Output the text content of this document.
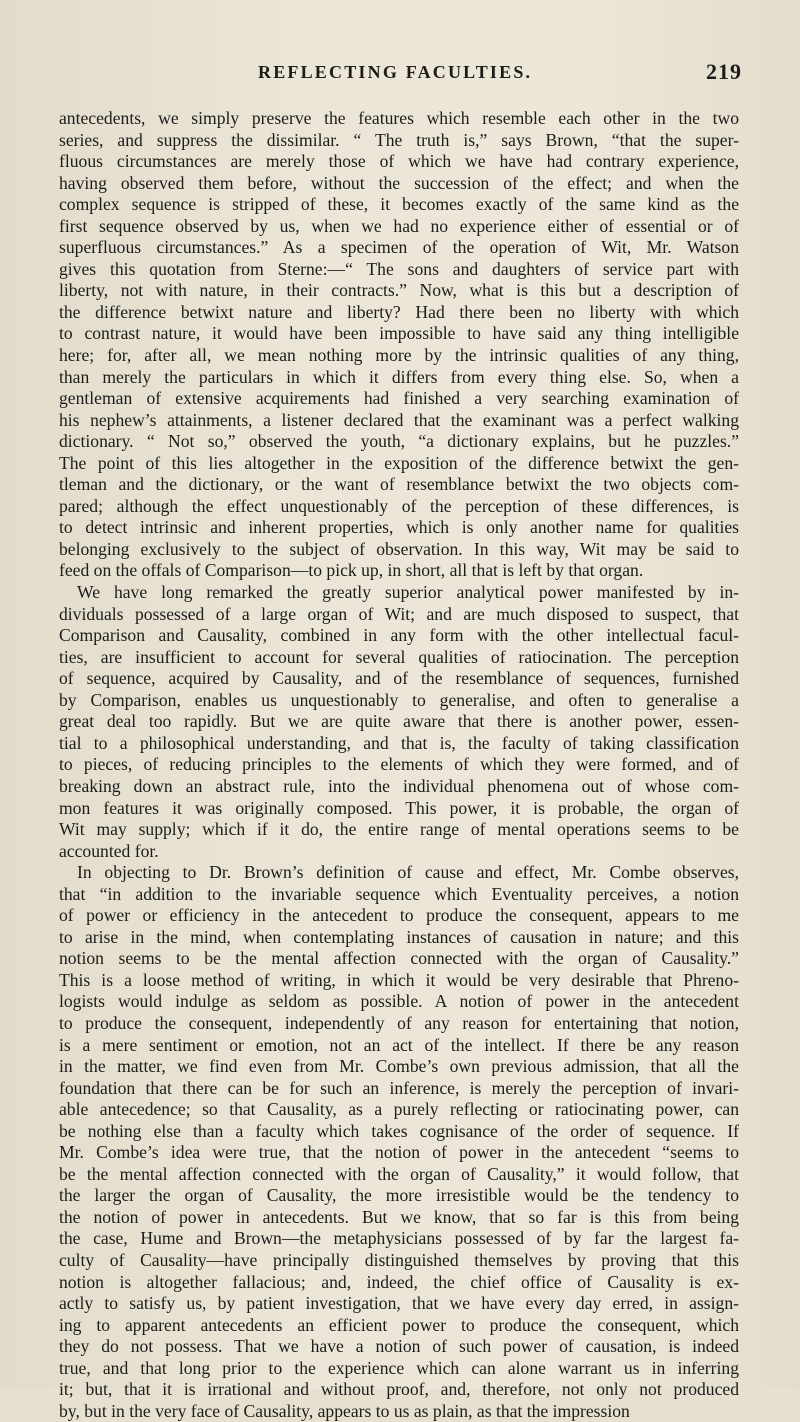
REFLECTING FACULTIES.	219
antecedents, we simply preserve the features which resemble each other in the two
series, and suppress the dissimilar. “ The truth is,” says Brown, “that the super-
fluous circumstances are merely those of which we have had contrary experience,
having observed them before, without the succession of the effect; and when the
complex sequence is stripped of these, it becomes exactly of the same kind as the
first sequence observed by us, when we had no experience either of essential or of
superfluous circumstances.” As a specimen of the operation of Wit, Mr. Watson
gives this quotation from Sterne:—“ The sons and daughters of service part with
liberty, not with nature, in their contracts.” Now, what is this but a description of
the difference betwixt nature and liberty? Had there been no liberty with which
to contrast nature, it would have been impossible to have said any thing intelligible
here; for, after all, we mean nothing more by the intrinsic qualities of any thing,
than merely the particulars in which it differs from every thing else. So, when a
gentleman of extensive acquirements had finished a very searching examination of
his nephew’s attainments, a listener declared that the examinant was a perfect walking
dictionary. “ Not so,” observed the youth, “a dictionary explains, but he puzzles.”
The point of this lies altogether in the exposition of the difference betwixt the gen-
tleman and the dictionary, or the want of resemblance betwixt the two objects com-
pared; although the effect unquestionably of the perception of these differences, is
to detect intrinsic and inherent properties, which is only another name for qualities
belonging exclusively to the subject of observation. In this way, Wit may be said to
feed on the offals of Comparison—to pick up, in short, all that is left by that organ.
We have long remarked the greatly superior analytical power manifested by in-
dividuals possessed of a large organ of Wit; and are much disposed to suspect, that
Comparison and Causality, combined in any form with the other intellectual facul-
ties, are insufficient to account for several qualities of ratiocination. The perception
of sequence, acquired by Causality, and of the resemblance of sequences, furnished
by Comparison, enables us unquestionably to generalise, and often to generalise a
great deal too rapidly. But we are quite aware that there is another power, essen-
tial to a philosophical understanding, and that is, the faculty of taking classification
to pieces, of reducing principles to the elements of which they were formed, and of
breaking down an abstract rule, into the individual phenomena out of whose com-
mon features it was originally composed. This power, it is probable, the organ of
Wit may supply; which if it do, the entire range of mental operations seems to be
accounted for.
In objecting to Dr. Brown’s definition of cause and effect, Mr. Combe observes,
that “in addition to the invariable sequence which Eventuality perceives, a notion
of power or efficiency in the antecedent to produce the consequent, appears to me
to arise in the mind, when contemplating instances of causation in nature; and this
notion seems to be the mental affection connected with the organ of Causality.”
This is a loose method of writing, in which it would be very desirable that Phreno-
logists would indulge as seldom as possible. A notion of power in the antecedent
to produce the consequent, independently of any reason for entertaining that notion,
is a mere sentiment or emotion, not an act of the intellect. If there be any reason
in the matter, we find even from Mr. Combe’s own previous admission, that all the
foundation that there can be for such an inference, is merely the perception of invari-
able antecedence; so that Causality, as a purely reflecting or ratiocinating power, can
be nothing else than a faculty which takes cognisance of the order of sequence. If
Mr. Combe’s idea were true, that the notion of power in the antecedent “seems to
be the mental affection connected with the organ of Causality,” it would follow, that
the larger the organ of Causality, the more irresistible would be the tendency to
the notion of power in antecedents. But we know, that so far is this from being
the case, Hume and Brown—the metaphysicians possessed of by far the largest fa-
culty of Causality—have principally distinguished themselves by proving that this
notion is altogether fallacious; and, indeed, the chief office of Causality is ex-
actly to satisfy us, by patient investigation, that we have every day erred, in assign-
ing to apparent antecedents an efficient power to produce the consequent, which
they do not possess. That we have a notion of such power of causation, is indeed
true, and that long prior to the experience which can alone warrant us in inferring
it; but, that it is irrational and without proof, and, therefore, not only not produced
by, but in the very face of Causality, appears to us as plain, as that the impression
